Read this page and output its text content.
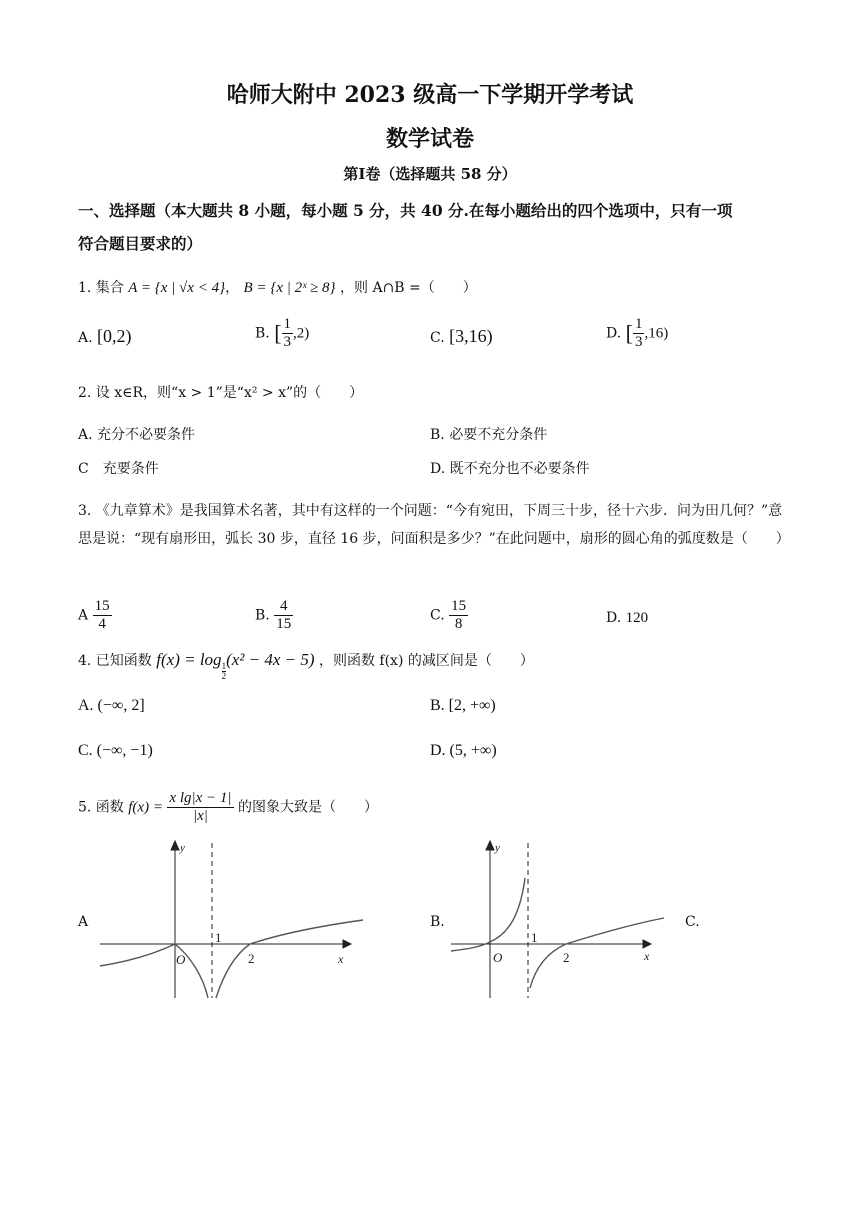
哈师大附中 2023 级高一下学期开学考试
数学试卷
第Ⅰ卷（选择题共 58 分）
一、选择题（本大题共 8 小题，每小题 5 分，共 40 分.在每小题给出的四个选项中，只有一项
符合题目要求的）
1. 集合 A = {x | √x < 4}， B = {x | 2ˣ ≥ 8} ，则 A∩B =（　　）
A. [0,2)	B. [ $\frac{1}{3} ,2$)	C. [3,16)	D. [ $\frac{1}{3} ,16$)
2. 设 x∈R，则“x > 1”是“x² > x”的（　　）
A. 充分不必要条件	B. 必要不充分条件
C　充要条件	D. 既不充分也不必要条件
3. 《九章算术》是我国算术名著，其中有这样的一个问题：“今有宛田，下周三十步，径十六步．问为田几何？”意思是说：“现有扇形田，弧长 30 步，直径 16 步，问面积是多少？”在此问题中，扇形的圆心角的弧度数是（　　）
A $\frac{15}{4}$	B. $\frac{4}{15}$	C. $\frac{15}{8}$	D. 120
4. 已知函数 f(x) = log
$\frac{1}{2}$
(x² − 4x − 5) ，则函数 f(x) 的减区间是（　　）
A. (−∞, 2]	B. [2, +∞)
C. (−∞, −1)	D. (5, +∞)
5. 函数 $f(x) = \frac{\text{x lg|x − 1|}}{|x|}$ 的图象大致是（　　）
A	B.	C.
y
x
O
1
2
y
x
O
1
2
